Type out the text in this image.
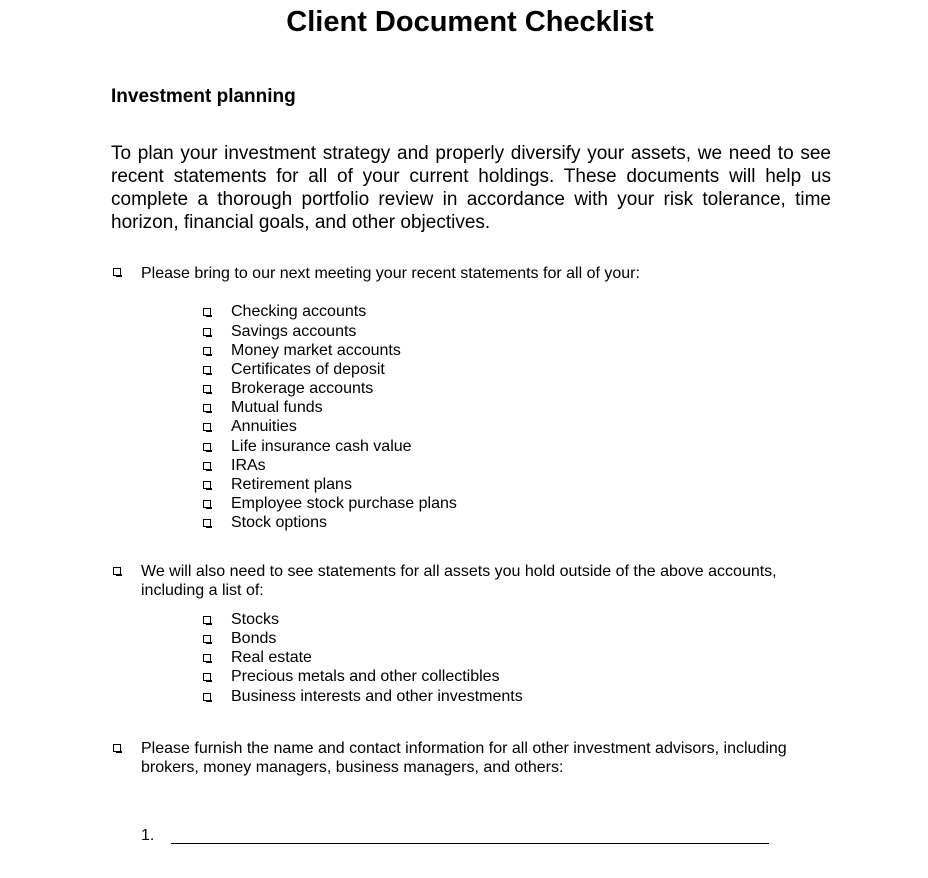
Client Document Checklist
Investment planning
To plan your investment strategy and properly diversify your assets, we need to see recent statements for all of your current holdings. These documents will help us complete a thorough portfolio review in accordance with your risk tolerance, time horizon, financial goals, and other objectives.
Please bring to our next meeting your recent statements for all of your:
Checking accounts
Savings accounts
Money market accounts
Certificates of deposit
Brokerage accounts
Mutual funds
Annuities
Life insurance cash value
IRAs
Retirement plans
Employee stock purchase plans
Stock options
We will also need to see statements for all assets you hold outside of the above accounts, including a list of:
Stocks
Bonds
Real estate
Precious metals and other collectibles
Business interests and other investments
Please furnish the name and contact information for all other investment advisors, including brokers, money managers, business managers, and others:
1.
